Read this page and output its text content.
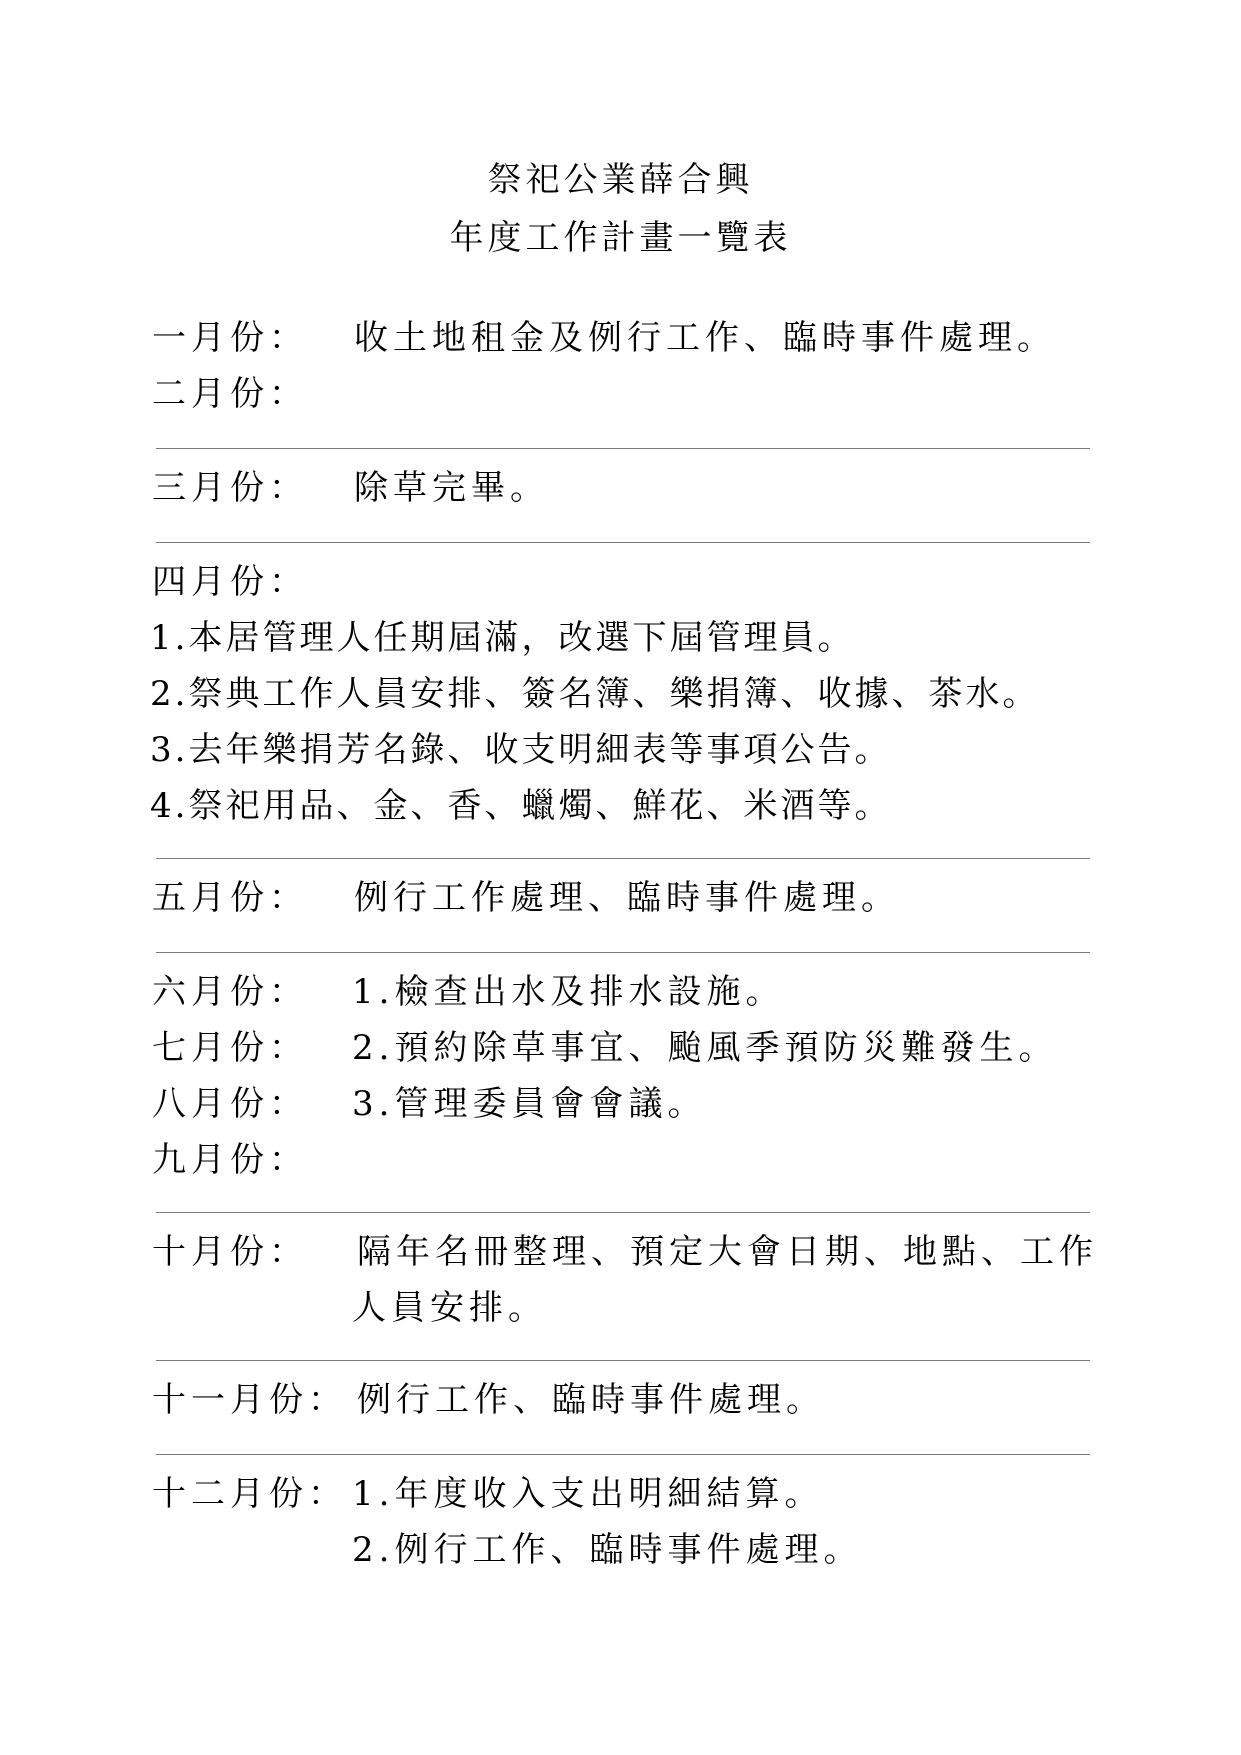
祭祀公業薛合興
年度工作計畫一覽表
一月份： 收土地租金及例行工作、臨時事件處理。
二月份：
三月份： 除草完畢。
四月份：
1.本居管理人任期屆滿，改選下屆管理員。
2.祭典工作人員安排、簽名簿、樂捐簿、收據、茶水。
3.去年樂捐芳名錄、收支明細表等事項公告。
4.祭祀用品、金、香、蠟燭、鮮花、米酒等。
五月份： 例行工作處理、臨時事件處理。
六月份： 1.檢查出水及排水設施。
七月份： 2.預約除草事宜、颱風季預防災難發生。
八月份： 3.管理委員會會議。
九月份：
十月份： 隔年名冊整理、預定大會日期、地點、工作
人員安排。
十一月份： 例行工作、臨時事件處理。
十二月份： 1.年度收入支出明細結算。
2.例行工作、臨時事件處理。
